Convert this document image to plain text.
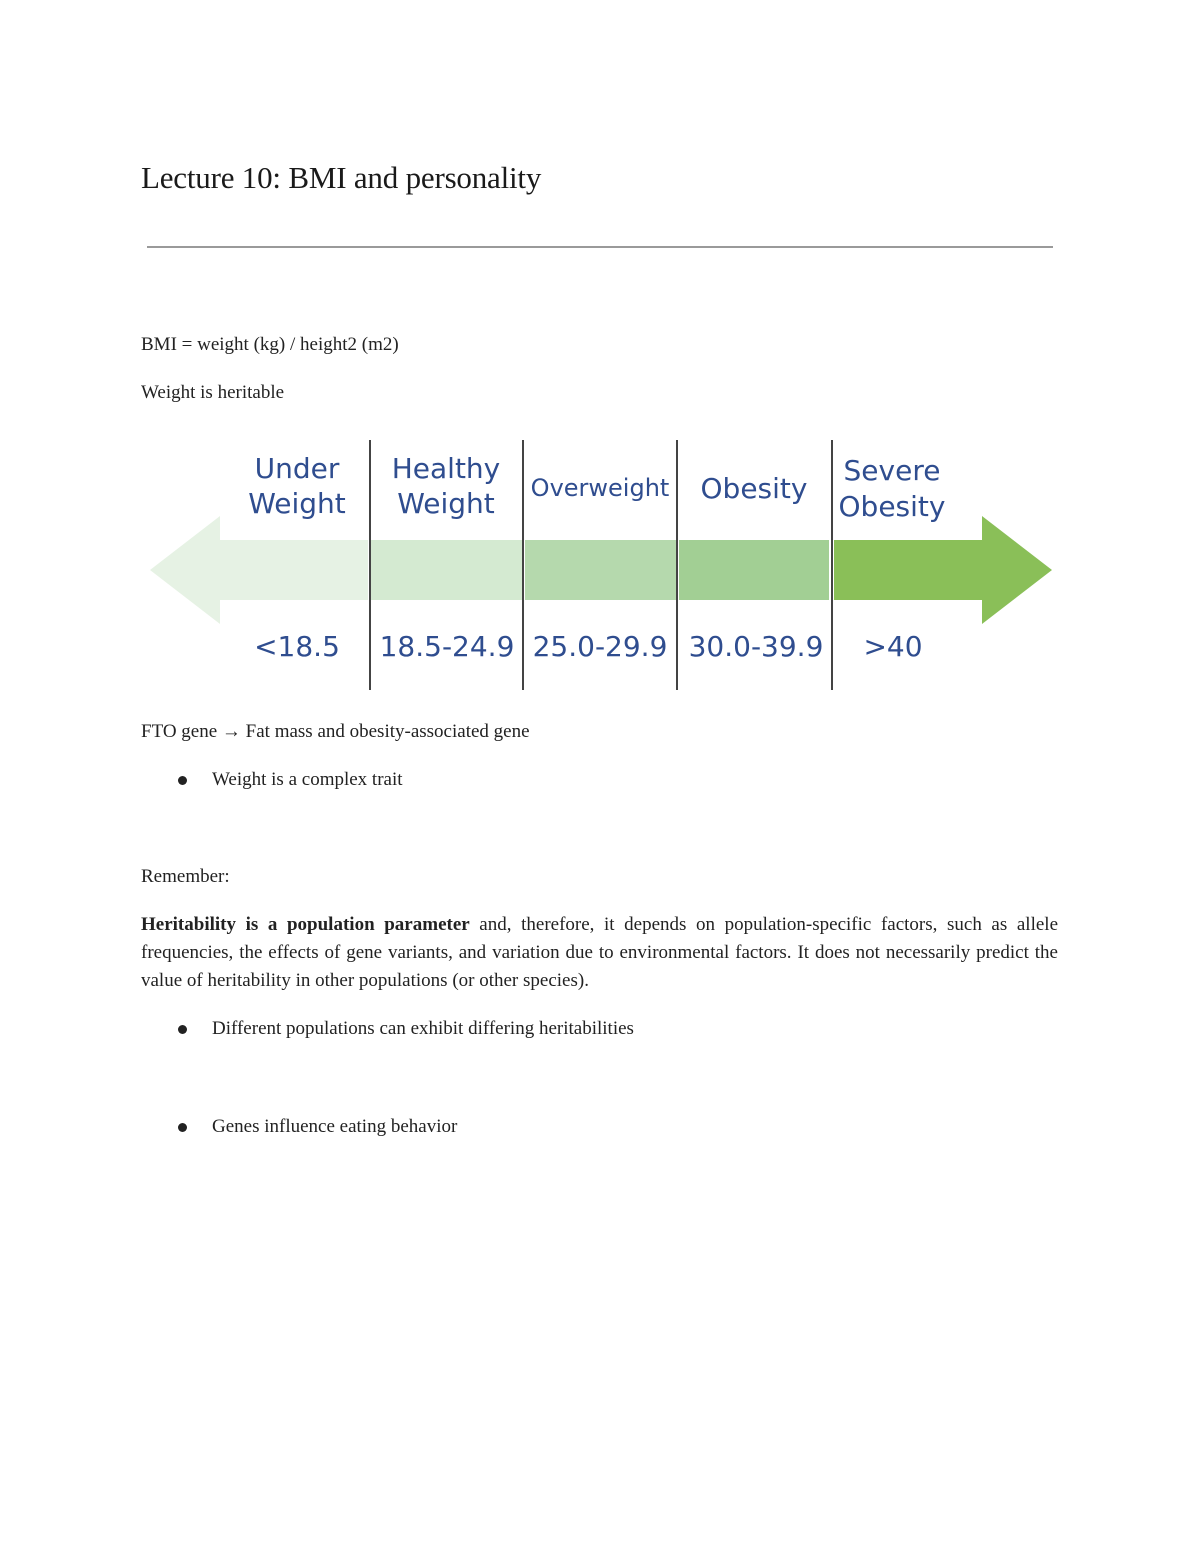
Lecture 10: BMI and personality

BMI = weight (kg) / height2 (m2)

Weight is heritable

Under
Weight
Healthy
Weight Overweight Obesity
Severe
Obesity
<18.5 18.5-24.9 25.0-29.9 30.0-39.9 >40

FTO gene → Fat mass and obesity-associated gene

Weight is a complex trait

Remember:

Heritability is a population parameter and, therefore, it depends on population-specific factors, such as allele frequencies, the effects of gene variants, and variation due to environmental factors. It does not necessarily predict the value of heritability in other populations (or other species).

Different populations can exhibit differing heritabilities
Genes influence eating behavior
